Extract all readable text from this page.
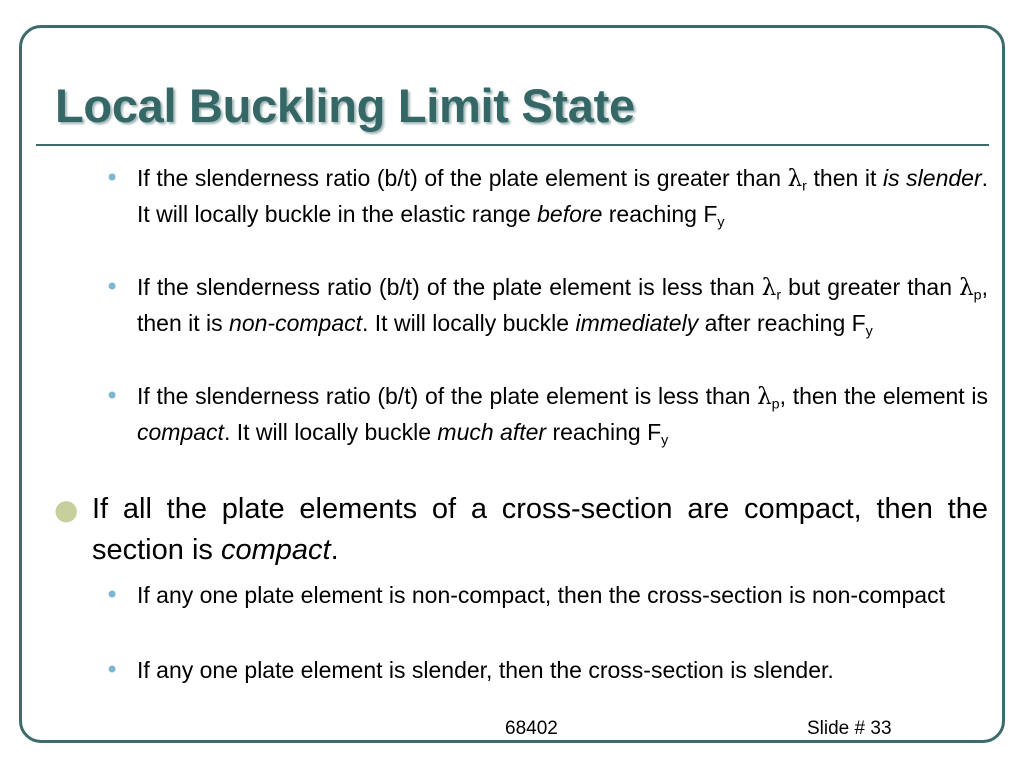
Local Buckling Limit State
• If the slenderness ratio (b/t) of the plate element is greater than $\lambda_r$ then it is slender. It will locally buckle in the elastic range before reaching $F_y$
• If the slenderness ratio (b/t) of the plate element is less than $\lambda_r$ but greater than $\lambda_p$, then it is non-compact. It will locally buckle immediately after reaching $F_y$
• If the slenderness ratio (b/t) of the plate element is less than $\lambda_p$, then the element is compact. It will locally buckle much after reaching $F_y$
● If all the plate elements of a cross-section are compact, then the section is compact.
• If any one plate element is non-compact, then the cross-section is non-compact
• If any one plate element is slender, then the cross-section is slender.
68402	Slide # 33
